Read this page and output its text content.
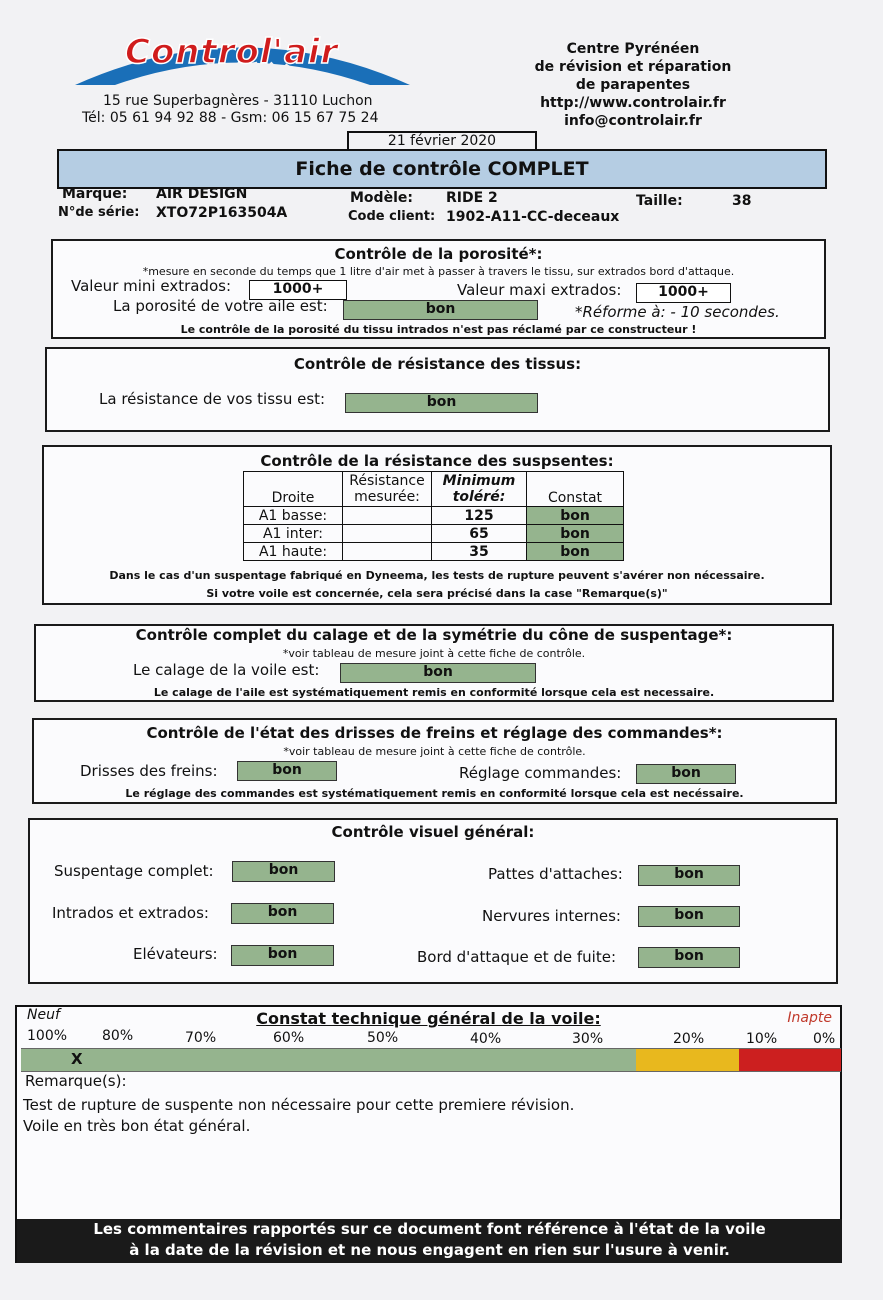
Control'air
15 rue Superbagnères - 31110 Luchon
Tél: 05 61 94 92 88 - Gsm: 06 15 67 75 24
Centre Pyrénéen
de révision et réparation
de parapentes
http://www.controlair.fr
info@controlair.fr
21 février 2020
Fiche de contrôle COMPLET
Marque: AIR DESIGN
N°de série: XTO72P163504A
Modèle: RIDE 2
Code client: 1902-A11-CC-deceaux
Taille:	38
Contrôle de la porosité*:
*mesure en seconde du temps que 1 litre d'air met à passer à travers le tissu, sur extrados bord d'attaque.
Valeur mini extrados:	1000+	Valeur maxi extrados:	1000+
La porosité de votre aile est:	bon	*Réforme à: - 10 secondes.
Le contrôle de la porosité du tissu intrados n'est pas réclamé par ce constructeur !
Contrôle de résistance des tissus:
La résistance de vos tissu est:	bon
Contrôle de la résistance des suspsentes:
Droite	Résistance mesurée:	Minimum toléré:	Constat
A1 basse:		125	bon
A1 inter:		65	bon
A1 haute:		35	bon
Dans le cas d'un suspentage fabriqué en Dyneema, les tests de rupture peuvent s'avérer non nécessaire.
Si votre voile est concernée, cela sera précisé dans la case "Remarque(s)"
Contrôle complet du calage et de la symétrie du cône de suspentage*:
*voir tableau de mesure joint à cette fiche de contrôle.
Le calage de la voile est:	bon
Le calage de l'aile est systématiquement remis en conformité lorsque cela est necessaire.
Contrôle de l'état des drisses de freins et réglage des commandes*:
*voir tableau de mesure joint à cette fiche de contrôle.
Drisses des freins:	bon	Réglage commandes:	bon
Le réglage des commandes est systématiquement remis en conformité lorsque cela est necéssaire.
Contrôle visuel général:
Suspentage complet:	bon
Intrados et extrados:	bon
Elévateurs:	bon
Pattes d'attaches:	bon
Nervures internes:	bon
Bord d'attaque et de fuite:	bon
Neuf	Inapte
Constat technique général de la voile:
100% 80%	70%	60%	50%	40%	30%	20%	10%	0%
X
Remarque(s):
Test de rupture de suspente non nécessaire pour cette premiere révision.
Voile en très bon état général.
Les commentaires rapportés sur ce document font référence à l'état de la voile
à la date de la révision et ne nous engagent en rien sur l'usure à venir.
